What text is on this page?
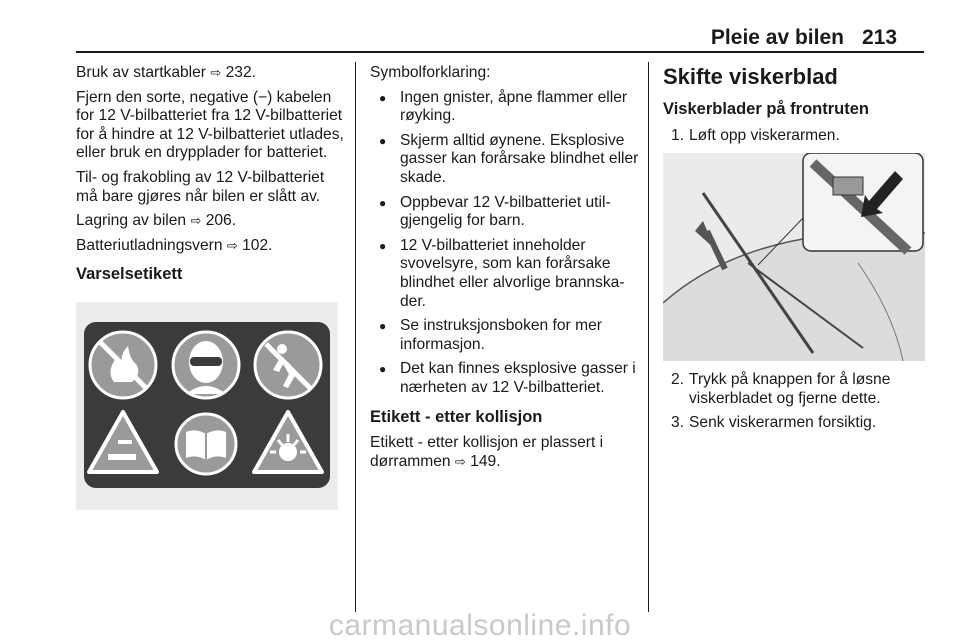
Pleie av bilen 213

Bruk av startkabler ⇨ 232.

Fjern den sorte, negative (−) kabelen for 12 V-bilbatteriet fra 12 V-bilbatteriet for å hindre at 12 V-bilbatteriet utlades, eller bruk en drypplader for batteriet.

Til- og frakobling av 12 V-bilbatteriet må bare gjøres når bilen er slått av.

Lagring av bilen ⇨ 206.

Batteriutladningsvern ⇨ 102.

Varselsetikett

Symbolforklaring:

● Ingen gnister, åpne flammer eller røyking.
● Skjerm alltid øynene. Eksplosive gasser kan forårsake blindhet eller skade.
● Oppbevar 12 V-bilbatteriet utilgjengelig for barn.
● 12 V-bilbatteriet inneholder svovelsyre, som kan forårsake blindhet eller alvorlige brannskader.
● Se instruksjonsboken for mer informasjon.
● Det kan finnes eksplosive gasser i nærheten av 12 V-bilbatteriet.
Etikett - etter kollisjon

Etikett - etter kollisjon er plassert i dørrammen ⇨ 149.

Skifte viskerblad
Viskerblader på frontruten
1. Løft opp viskerarmen.
2. Trykk på knappen for å løsne viskerbladet og fjerne dette.
3. Senk viskerarmen forsiktig.
carmanualsonline.info
